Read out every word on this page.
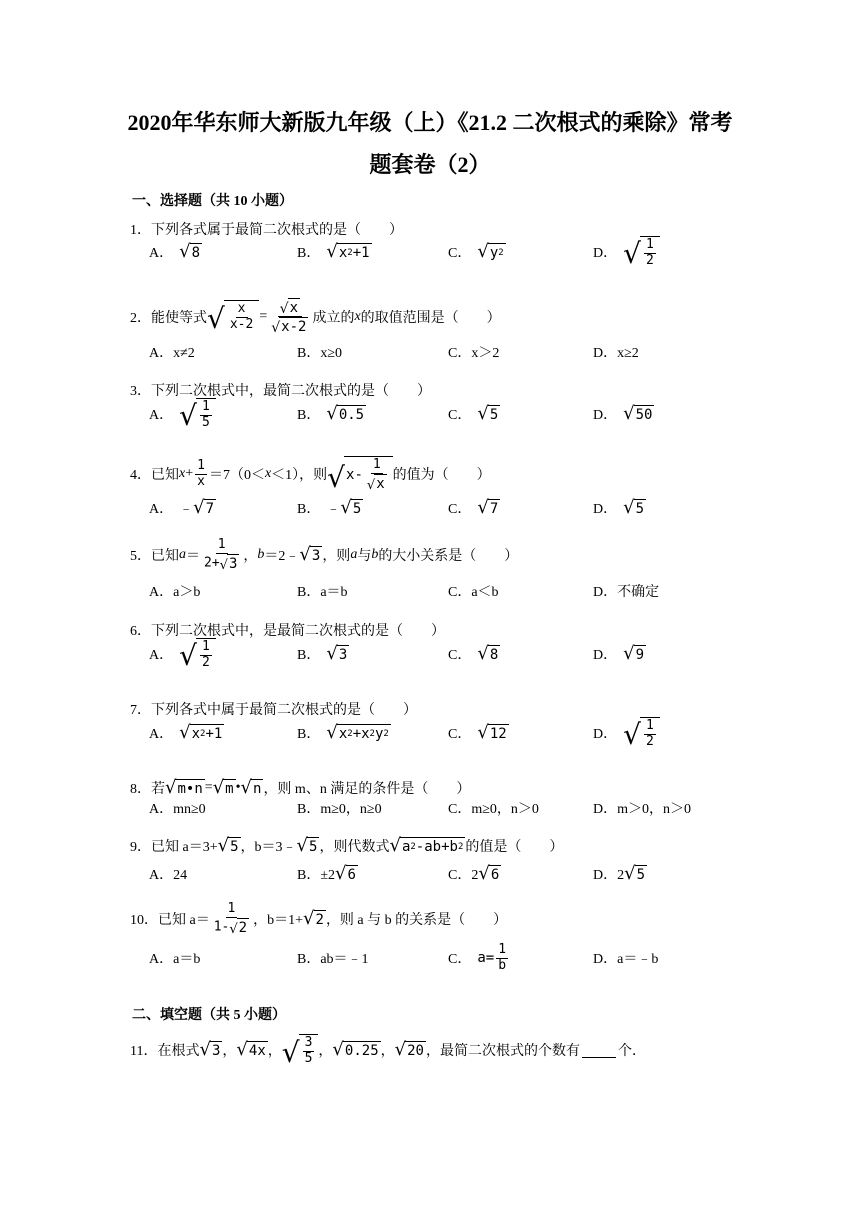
2020年华东师大新版九年级（上）《21.2 二次根式的乘除》常考
题套卷（2）
一、选择题（共 10 小题）
1．下列各式属于最简二次根式的是（　　）
A． √ 8	B． √ x 2 +1	C． √ y 2	D． √ $\frac{1}{2}$
2．能使等式 √ $\frac{x}{x-2} = \frac{√ x}{√ x-2}$ 成立的 x 的取值范围是（　　）
A．x≠2	B．x≥0	C．x＞2	D．x≥2
3．下列二次根式中，最简二次根式的是（　　）
A． √ $\frac{1}{5}$	B． √ 0.5	C． √ 5	D． √ 50
4．已知 $x + \frac{1}{x} =7(0< x <1)$，则 √ x - $\frac{1}{√ x}$ 的值为（　　）
A． ﹣ √ 7	B． ﹣ √ 5	C． √ 7	D． √ 5
5．已知 $a = \frac{1}{2+ √ 3}$ ， b ＝2﹣ √ 3 ，则 a 与 b 的大小关系是（　　）
A．a＞b	B．a＝b	C．a＜b	D．不确定
6．下列二次根式中，是最简二次根式的是（　　）
A． √ $\frac{1}{2}$	B． √ 3	C． √ 8	D． √ 9
7．下列各式中属于最简二次根式的是（　　）
A． √ x 2 +1	B． √ x 2 +x 2 y 2	C． √ 12	D． √ $\frac{1}{2}$
8．若 √ m•n = √ m • √ n ，则 m、n 满足的条件是（　　）
A．mn≥0	B．m≥0，n≥0	C．m≥0，n＞0	D．m＞0，n＞0
9．已知 a＝3+ √ 5 ，b＝3﹣ √ 5 ，则代数式 √ a 2 -ab+b 2 的值是（　　）
A．24	B．±2 √ 6	C．2 √ 6	D．2 √ 5
10．已知 $a= \frac{1}{1- √ 2}$ ，b＝1+ √ 2 ，则 a 与 b 的关系是（　　）
A．a＝b	B．ab＝﹣1	C． $a= \frac{1}{b}$	D．a＝﹣b
二、填空题（共 5 小题）
11．在根式 √ 3 ， √ 4x ， √ $\frac{3}{5}$ ， √ 0.25 ， √ 20 ，最简二次根式的个数有	个．
